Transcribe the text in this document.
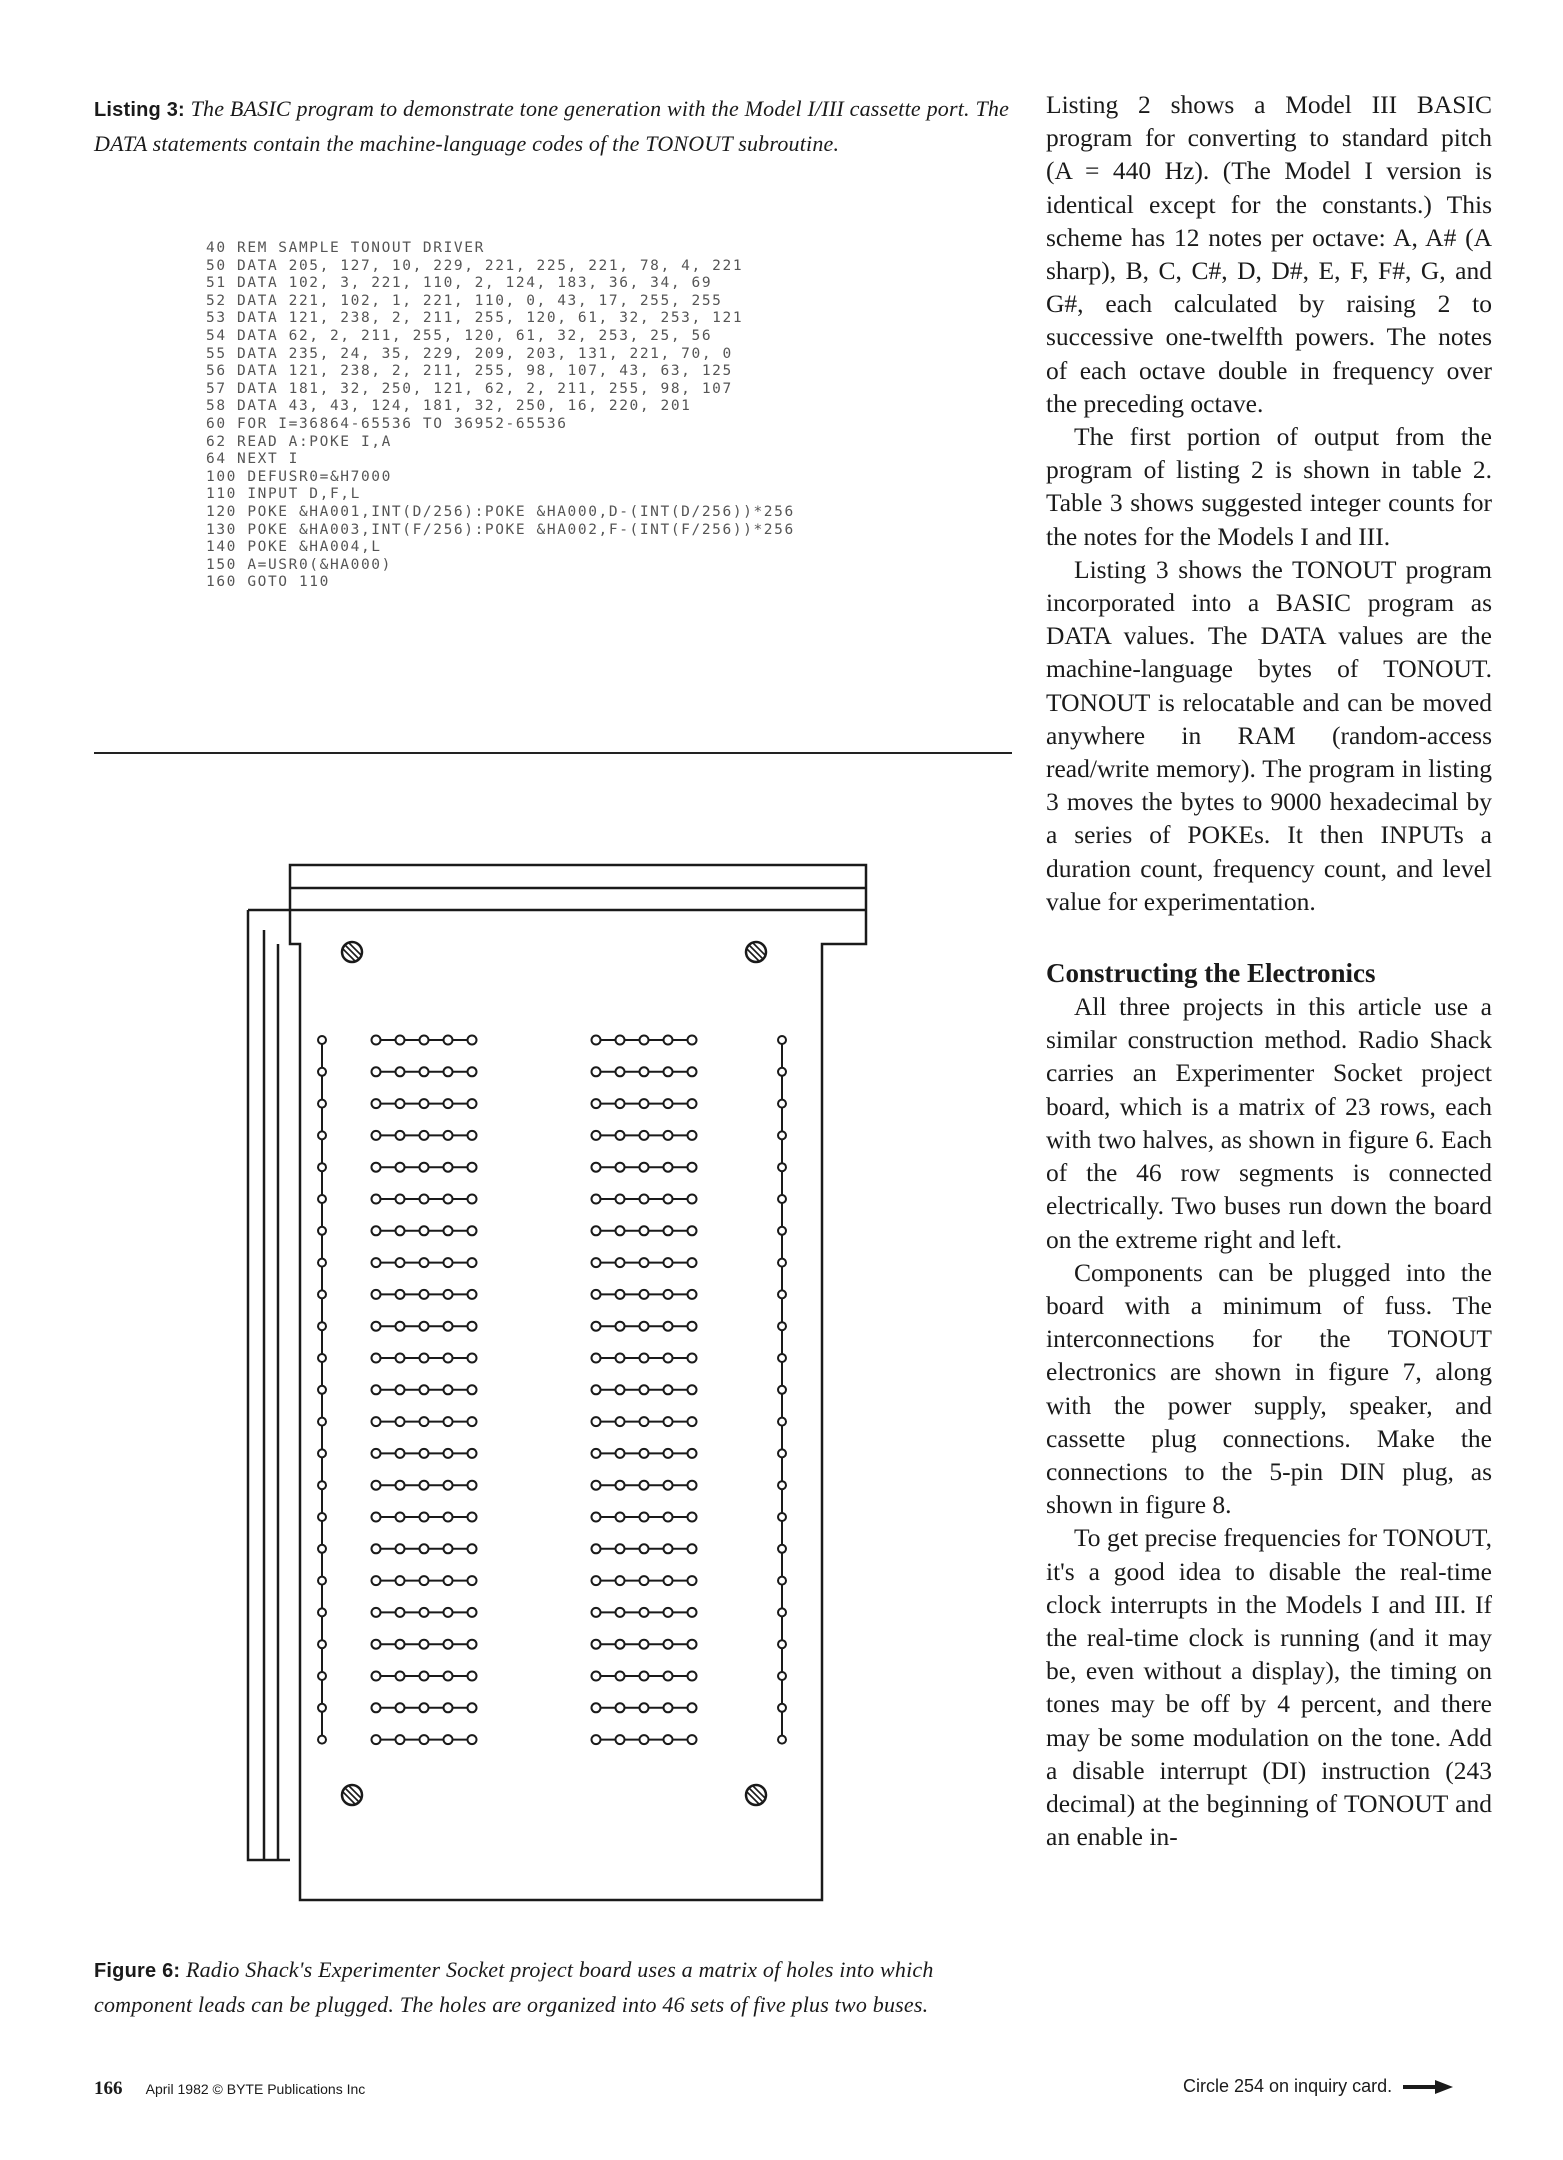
Listing 3: The BASIC program to demonstrate tone generation with the Model I/III cassette port. The DATA statements contain the machine-language codes of the TONOUT subroutine.
40 REM SAMPLE TONOUT DRIVER
50 DATA 205, 127, 10, 229, 221, 225, 221, 78, 4, 221
51 DATA 102, 3, 221, 110, 2, 124, 183, 36, 34, 69
52 DATA 221, 102, 1, 221, 110, 0, 43, 17, 255, 255
53 DATA 121, 238, 2, 211, 255, 120, 61, 32, 253, 121
54 DATA 62, 2, 211, 255, 120, 61, 32, 253, 25, 56
55 DATA 235, 24, 35, 229, 209, 203, 131, 221, 70, 0
56 DATA 121, 238, 2, 211, 255, 98, 107, 43, 63, 125
57 DATA 181, 32, 250, 121, 62, 2, 211, 255, 98, 107
58 DATA 43, 43, 124, 181, 32, 250, 16, 220, 201
60 FOR I=36864-65536 TO 36952-65536
62 READ A:POKE I,A
64 NEXT I
100 DEFUSR0=&H7000
110 INPUT D,F,L
120 POKE &HA001,INT(D/256):POKE &HA000,D-(INT(D/256))*256
130 POKE &HA003,INT(F/256):POKE &HA002,F-(INT(F/256))*256
140 POKE &HA004,L
150 A=USR0(&HA000)
160 GOTO 110
Figure 6: Radio Shack's Experimenter Socket project board uses a matrix of holes into which component leads can be plugged. The holes are organized into 46 sets of five plus two buses.

Listing 2 shows a Model III BASIC program for converting to standard pitch (A = 440 Hz). (The Model I version is identical except for the constants.) This scheme has 12 notes per octave: A, A# (A sharp), B, C, C#, D, D#, E, F, F#, G, and G#, each calculated by raising 2 to successive one-twelfth powers. The notes of each octave double in frequency over the preceding octave.

The first portion of output from the program of listing 2 is shown in table 2. Table 3 shows suggested integer counts for the notes for the Models I and III.

Listing 3 shows the TONOUT program incorporated into a BASIC program as DATA values. The DATA values are the machine-language bytes of TONOUT. TONOUT is relocatable and can be moved anywhere in RAM (random-access read/write memory). The program in listing 3 moves the bytes to 9000 hexadecimal by a series of POKEs. It then INPUTs a duration count, frequency count, and level value for experimentation.

Constructing the Electronics

All three projects in this article use a similar construction method. Radio Shack carries an Experimenter Socket project board, which is a matrix of 23 rows, each with two halves, as shown in figure 6. Each of the 46 row segments is connected electrically. Two buses run down the board on the extreme right and left.

Components can be plugged into the board with a minimum of fuss. The interconnections for the TONOUT electronics are shown in figure 7, along with the power supply, speaker, and cassette plug connections. Make the connections to the 5-pin DIN plug, as shown in figure 8.

To get precise frequencies for TONOUT, it's a good idea to disable the real-time clock interrupts in the Models I and III. If the real-time clock is running (and it may be, even without a display), the timing on tones may be off by 4 percent, and there may be some modulation on the tone. Add a disable interrupt (DI) instruction (243 decimal) at the beginning of TONOUT and an enable in-

166 April 1982 © BYTE Publications Inc	Circle 254 on inquiry card.
